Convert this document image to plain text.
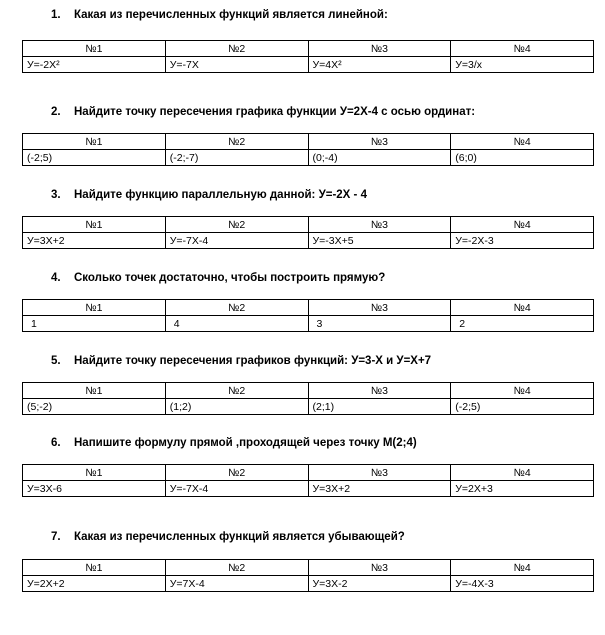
1. Какая из перечисленных функций является линейной:
№1	№2	№3	№4
У=-2Х²	У=-7Х	У=4Х²	У=3/х
2. Найдите точку пересечения графика функции У=2Х-4 с осью ординат:
№1	№2	№3	№4
(-2;5)	(-2;-7)	(0;-4)	(6;0)
3. Найдите функцию параллельную данной: У=-2Х - 4
№1	№2	№3	№4
У=3Х+2	У=-7Х-4	У=-3Х+5	У=-2Х-3
4. Сколько точек достаточно, чтобы построить прямую?
№1	№2	№3	№4
1	4	3	2
5. Найдите точку пересечения графиков функций: У=3-Х и У=Х+7
№1	№2	№3	№4
(5;-2)	(1;2)	(2;1)	(-2;5)
6. Напишите формулу прямой ,проходящей через точку М(2;4)
№1	№2	№3	№4
У=3Х-6	У=-7Х-4	У=3Х+2	У=2Х+3
7. Какая из перечисленных функций является убывающей?
№1	№2	№3	№4
У=2Х+2	У=7Х-4	У=3Х-2	У=-4Х-3
